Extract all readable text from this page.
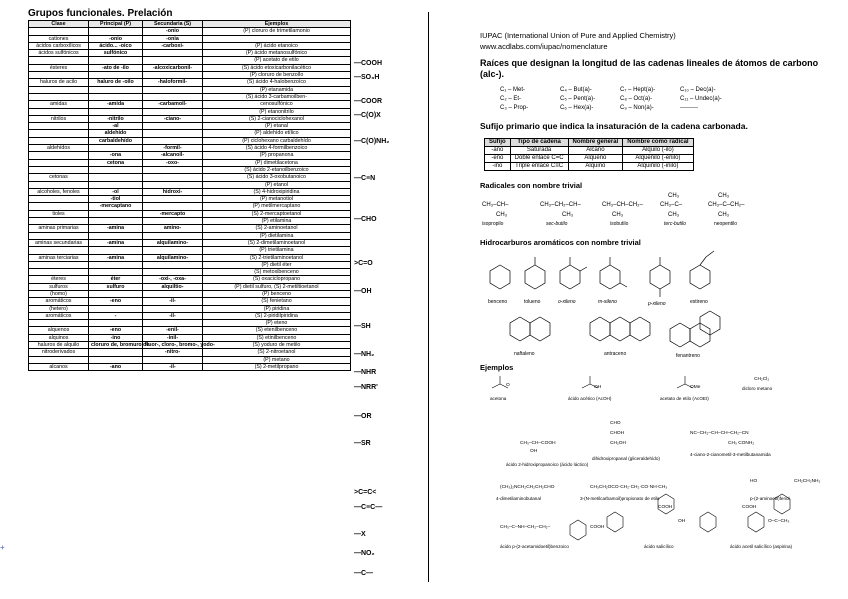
Grupos funcionales. Prelación
Clase	Principal (P)	Secundaria (S)	Ejemplos
		-onio	(P) cloruro de trimetilamonio
cationes	-onio	-onia	
ácidos carboxílicos	ácido... -oico	-carboxi-	(P) ácido etanoico
ácidos sulfónicos	sulfónico		(P) ácido metanosulfónico
			(P) acetato de etilo
ésteres	-ato de -ilo	-alcoxicarbonil-	(S) ácido etoxicarbonilacético
			(P) cloruro de benzoílo
haluros de acilo	haluro de -oilo	-haloformil-	(S) ácido 4-halobenzoíco
			(P) etanamida
			(S) ácido 3-carbamoilben-
amidas	-amida	-carbamoil-	cenosulfónico
			(P) etanonitrilo
nitrilos	-nitrilo	-ciano-	(S) 2-cianociclohexanol
	-al		(P) etanal
	aldehído		(P) aldehído etílico
	carbaldehído		(P) ciclohexano carbaldehído
aldehídos		-formil-	(S) ácido 4-formilbenzoico
	-ona	-alcanoil-	(P) propanona
	cetona	-oxo-	(P) dimetilacetona
			(S) ácido 2-etanoilbenzoico
cetonas			(S) ácido 3-oxobutanoico
			(P) etanol
alcoholes, fenoles	-ol	hidroxi-	(S) 4-hidroxipiridina
	-tiol		(P) metanotiol
	-mercaptano		(P) metilmercaptano
tioles		-mercapto	(S) 2-mercaptoetanol
			(P) etilamina
aminas primarias	-amina	amino-	(S) 2-aminoetanol
			(P) dietilamina
aminas secundarias	-amina	alquilamino-	(S) 2-dimetilaminoetanol
			(P) trietilamina
aminas terciarias	-amina	alquilamino-	(S) 2-trietilaminoetanol
			(P) dietil éter
			(S) metoxibenceno
éteres	éter	-oxi-, -oxa-	(S) oxaciclopropano
sulfuros	sulfuro	alquiltio-	(P) dietil sulfuro, (S) 2-metiltioetanol
(homo)			(P) benceno
aromáticos	-eno	-il-	(S) fenietano
(hetero)			(P) piridina
aromáticos	-	-il-	(S) 2-piridilpiridina
			(P) eteno
alquenos	-eno	-enil-	(S) etenilbenceno
alquinos	-ino	-inil-	(S) etinilbenceno
haluros de alquilo	cloruro de, bromuro de	fluor-, cloro-, bromo-, yodo-	(S) yoduro de metilo
nitroderivados		-nitro-	(S) 2-nitroetanol
			(P) metano
alcanos	-ano	-il-	(S) 2-metilpropano
—COOH
—SO₃H
—COOR
—C(O)X
—C(O)NH₂
—C≡N
—CHO
>C=O
—OH
—SH
—NH₂
—NHR
—NRR'
—OR
—SR
>C=C<
—C≡C—
—X
—NO₂
—C—
+
IUPAC (International Union of Pure and Applied Chemistry)
www.acdlabs.com/iupac/nomenclature
Raíces que designan la longitud de las cadenas lineales de átomos de carbono (alc-).
C₁ – Met-	C₄ – But(a)-	C₇ – Hept(a)-	C₁₀ – Dec(a)-
C₂ – Et-	C₅ – Pent(a)-	C₈ – Oct(a)-	C₁₁ – Undec(a)-
C₃ – Prop-	C₆ – Hex(a)-	C₉ – Non(a)-	---------
Sufijo primario que indica la insaturación de la cadena carbonada.
Sufijo	Tipo de cadena	Nombre general	Nombre como radical
-ano	Saturada	Alcano	Alquilo (-ilo)
-eno	Doble enlace C=C	Alqueno	Alquenilo (-enilo)
-ino	Triple enlace C≡C	Alquino	Alquinilo (-inilo)
Radicales con nombre trivial
CH₃–CH–
CH₃
CH₃–CH₂–CH–
CH₃
CH₃–CH–CH₂–
CH₃
CH₃–C–
CH₃
CH₃
CH₃–C–CH₂–
CH₃
CH₃
isopropilo	sec-butilo	isobutilo	terc-butilo	neopentilo
Hidrocarburos aromáticos con nombre trivial
benceno	tolueno	o-xileno	m-xileno	p-xileno	estireno

naftaleno	antraceno	fenantreno
Ejemplos
O	OH	OMe
CH₂Cl₂
CH₃–CH–COOH
OH
CHO
CHOH
CH₂OH
NC–CH₂–CH–CH–CH₂–CN
CH₃ CONH₂
(CH₃)₂NCH₂CH₂CH₂CHO	CH₃CH₂OCO·CH₂·CH₂·CO·NH·CH₃
HO	CH₂CH₂NH₂
CH₃–C–NH–CH₂–CH₂–	COOH
COOH
OH
COOH
O–C–CH₃
acetona	ácido acético (AcOH)	acetato de etilo (AcOEt)
dicloro metano
ácido 2-hidroxipropanoico (ácido láctico)
dihidroxipropanal (gliceraldehído)
4-ciano-2-cianometil-3-metilbutanamida
4-dimetilaminobutanal	3-(N-metilcarbamoil)propionato de etilo	p-(2-aminoetil)fenol
ácido p-(2-acetamidoetil)benzoico	ácido salicílico	ácido acetil salicílico (aspirina)
